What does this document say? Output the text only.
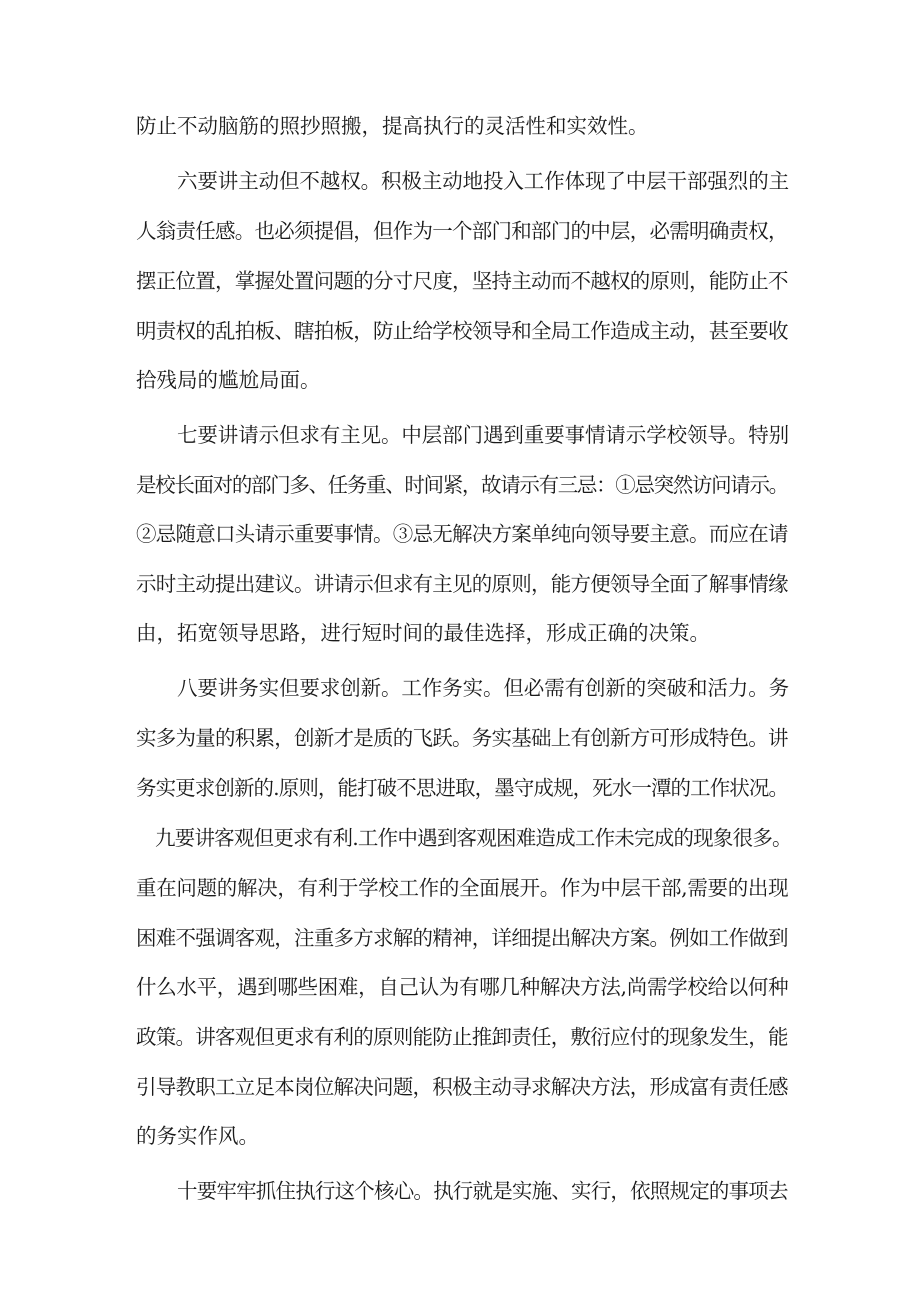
防止不动脑筋的照抄照搬，提高执行的灵活性和实效性。
六要讲主动但不越权。积极主动地投入工作体现了中层干部强烈的主
人翁责任感。也必须提倡，但作为一个部门和部门的中层，必需明确责权，
摆正位置，掌握处置问题的分寸尺度，坚持主动而不越权的原则，能防止不
明责权的乱拍板、瞎拍板，防止给学校领导和全局工作造成主动，甚至要收
拾残局的尴尬局面。
七要讲请示但求有主见。中层部门遇到重要事情请示学校领导。特别
是校长面对的部门多、任务重、时间紧，故请示有三忌：①忌突然访问请示。
②忌随意口头请示重要事情。③忌无解决方案单纯向领导要主意。而应在请
示时主动提出建议。讲请示但求有主见的原则，能方便领导全面了解事情缘
由，拓宽领导思路，进行短时间的最佳选择，形成正确的决策。
八要讲务实但要求创新。工作务实。但必需有创新的突破和活力。务
实多为量的积累，创新才是质的飞跃。务实基础上有创新方可形成特色。讲
务实更求创新的.原则，能打破不思进取，墨守成规，死水一潭的工作状况。
九要讲客观但更求有利.工作中遇到客观困难造成工作未完成的现象很多。
重在问题的解决，有利于学校工作的全面展开。作为中层干部,需要的出现
困难不强调客观，注重多方求解的精神，详细提出解决方案。例如工作做到
什么水平，遇到哪些困难，自己认为有哪几种解决方法,尚需学校给以何种
政策。讲客观但更求有利的原则能防止推卸责任，敷衍应付的现象发生，能
引导教职工立足本岗位解决问题，积极主动寻求解决方法，形成富有责任感
的务实作风。
十要牢牢抓住执行这个核心。执行就是实施、实行，依照规定的事项去
